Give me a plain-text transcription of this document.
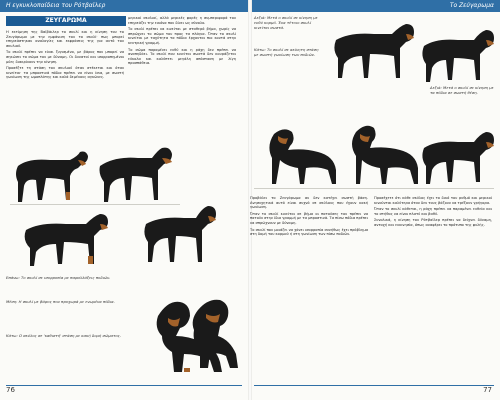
Η εγκυκλοπαίδεια του Ρότβαϊλερ	Το Ζεύγαρωμα
ΖΕΥΓΑΡΩΜΑ

Η εκτίμηση της Βαϊβάιλερ το σκυλί και η κίνηση του το Ζευγάρωμα με την εμφάνιση του το σκυλί· πως μπορεί επηρεάστηκαν αναλογίες και εκφράσεις της για αυτό του σκυλιού.

Το σκυλί πρέπει να είναι ζυγισμένο, με βάρος που μπορεί να σηκώσει το σώμα του με δύναμη. Οι δυνατοί και ισορροπημένοι μύες διακρίνουν την κίνηση.

Προσέξτε τη στάση του σκυλιού όταν στέκεται και όταν κινείται· τα μπροστινά πόδια πρέπει να είναι ίσια, με σωστή γωνίωση της ωμοπλάτης και καλά δεμένους αγκώνες.

μερικοί σκυλιοί, αλλά μερικές φορές η συμπεριφορά του επηρεάζει την εικόνα που δίνει ως σύνολο.

Το σκυλί πρέπει να κινείται με σταθερό βήμα, χωρίς να σπρώχνει το σώμα του προς τα πλάγια. Όταν το σκυλί κινείται με ταχύτητα τα πόδια έρχονται πιο κοντά στην κεντρική γραμμή.

Το σώμα παραμένει ευθύ και η ράχη δεν πρέπει να αναπηδάει. Το σκυλί που κινείται σωστά δεν κουράζεται εύκολα και καλύπτει μεγάλη απόσταση με λίγη προσπάθεια.

Επάνω: Το σκυλί σε ισορροπία με παραλλάξεις ποδιών.
Μέση: Η σκυλί με βάρος που προχωρά με ενωμένα πόδια.
Κάτω: Ο σκύλος σε 'καθιστή' στάση με κακή δομή σώματος.
76
Δεξιά: Μετά ο σκυλί σε κίνηση με ευθύ κορμό. Ένα τέτοιο σκυλί κινείται σωστά.
Κάτω: Το σκυλί σε ακίνητη στάση με σωστή γωνίωση των ποδιών.
Δεξιά: Μετά ο σκυλί σε κίνηση με τα πόδια σε σωστή θέση.

Προβάλει το Ζευγάρωμα αν δεν κατέχει σωστή βάση. Ανησυχητικά αυτό είναι συχνό σε σκύλους που έχουν κακή γωνίωση.

Όταν το σκυλί κινείται σε βήμα οι πατούσες του πρέπει να πατούν στην ίδια γραμμή με τα μπροστινά. Τα πίσω πόδια πρέπει να σπρώχνουν με δύναμη.

Το σκυλί που μοιάζει να χάνει ισορροπία συνήθως έχει πρόβλημα στη δομή του κορμού ή στη γωνίωση των πίσω ποδιών.

Προσέχετε ότι κάθε σκύλος έχει το δικό του ρυθμό και μερικοί κινούνται καλύτερα όταν δεν τους βάζουν να τρέξουν γρήγορα.

Όταν το σκυλί κάθεται, η ράχη πρέπει να παραμένει ευθεία και το στήθος να είναι πλατύ και βαθύ.

Συνολικά, η κίνηση του Ρότβαϊλερ πρέπει να δείχνει δύναμη, αντοχή και ευκινησία, όπως αναφέρει το πρότυπο της φυλής.

77
